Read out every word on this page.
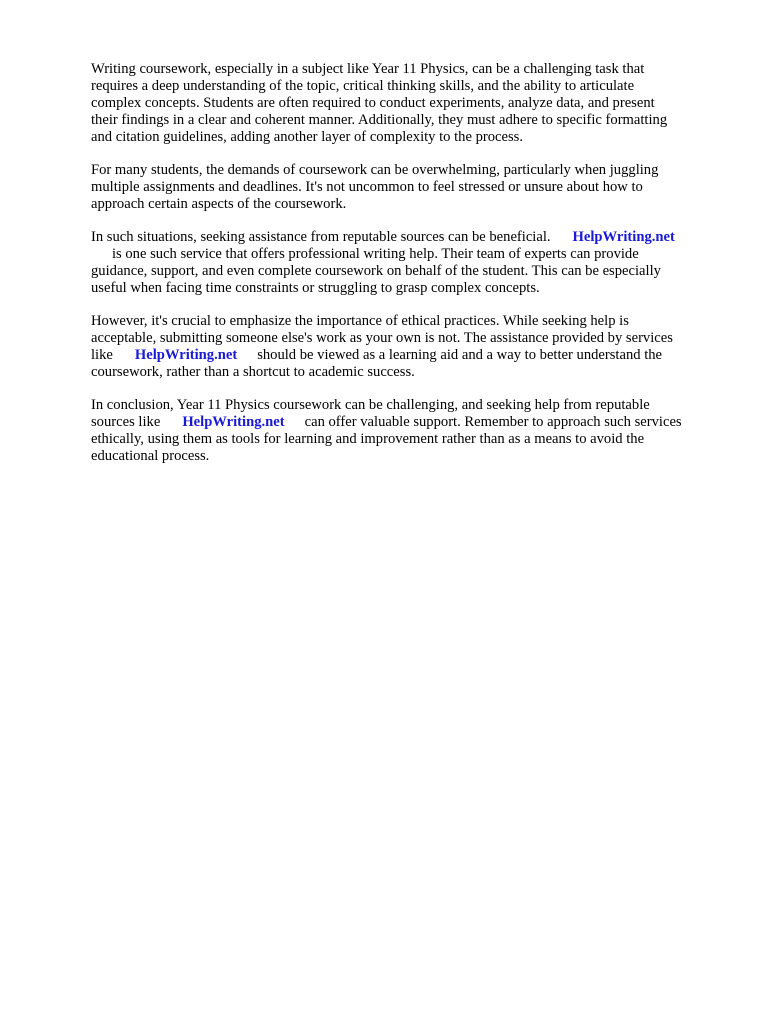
Writing coursework, especially in a subject like Year 11 Physics, can be a challenging task that
requires a deep understanding of the topic, critical thinking skills, and the ability to articulate
complex concepts. Students are often required to conduct experiments, analyze data, and present
their findings in a clear and coherent manner. Additionally, they must adhere to specific formatting
and citation guidelines, adding another layer of complexity to the process.
For many students, the demands of coursework can be overwhelming, particularly when juggling
multiple assignments and deadlines. It's not uncommon to feel stressed or unsure about how to
approach certain aspects of the coursework.
In such situations, seeking assistance from reputable sources can be beneficial. HelpWriting.net
is one such service that offers professional writing help. Their team of experts can provide
guidance, support, and even complete coursework on behalf of the student. This can be especially
useful when facing time constraints or struggling to grasp complex concepts.
However, it's crucial to emphasize the importance of ethical practices. While seeking help is
acceptable, submitting someone else's work as your own is not. The assistance provided by services
like HelpWriting.net should be viewed as a learning aid and a way to better understand the
coursework, rather than a shortcut to academic success.
In conclusion, Year 11 Physics coursework can be challenging, and seeking help from reputable
sources like HelpWriting.net can offer valuable support. Remember to approach such services
ethically, using them as tools for learning and improvement rather than as a means to avoid the
educational process.
